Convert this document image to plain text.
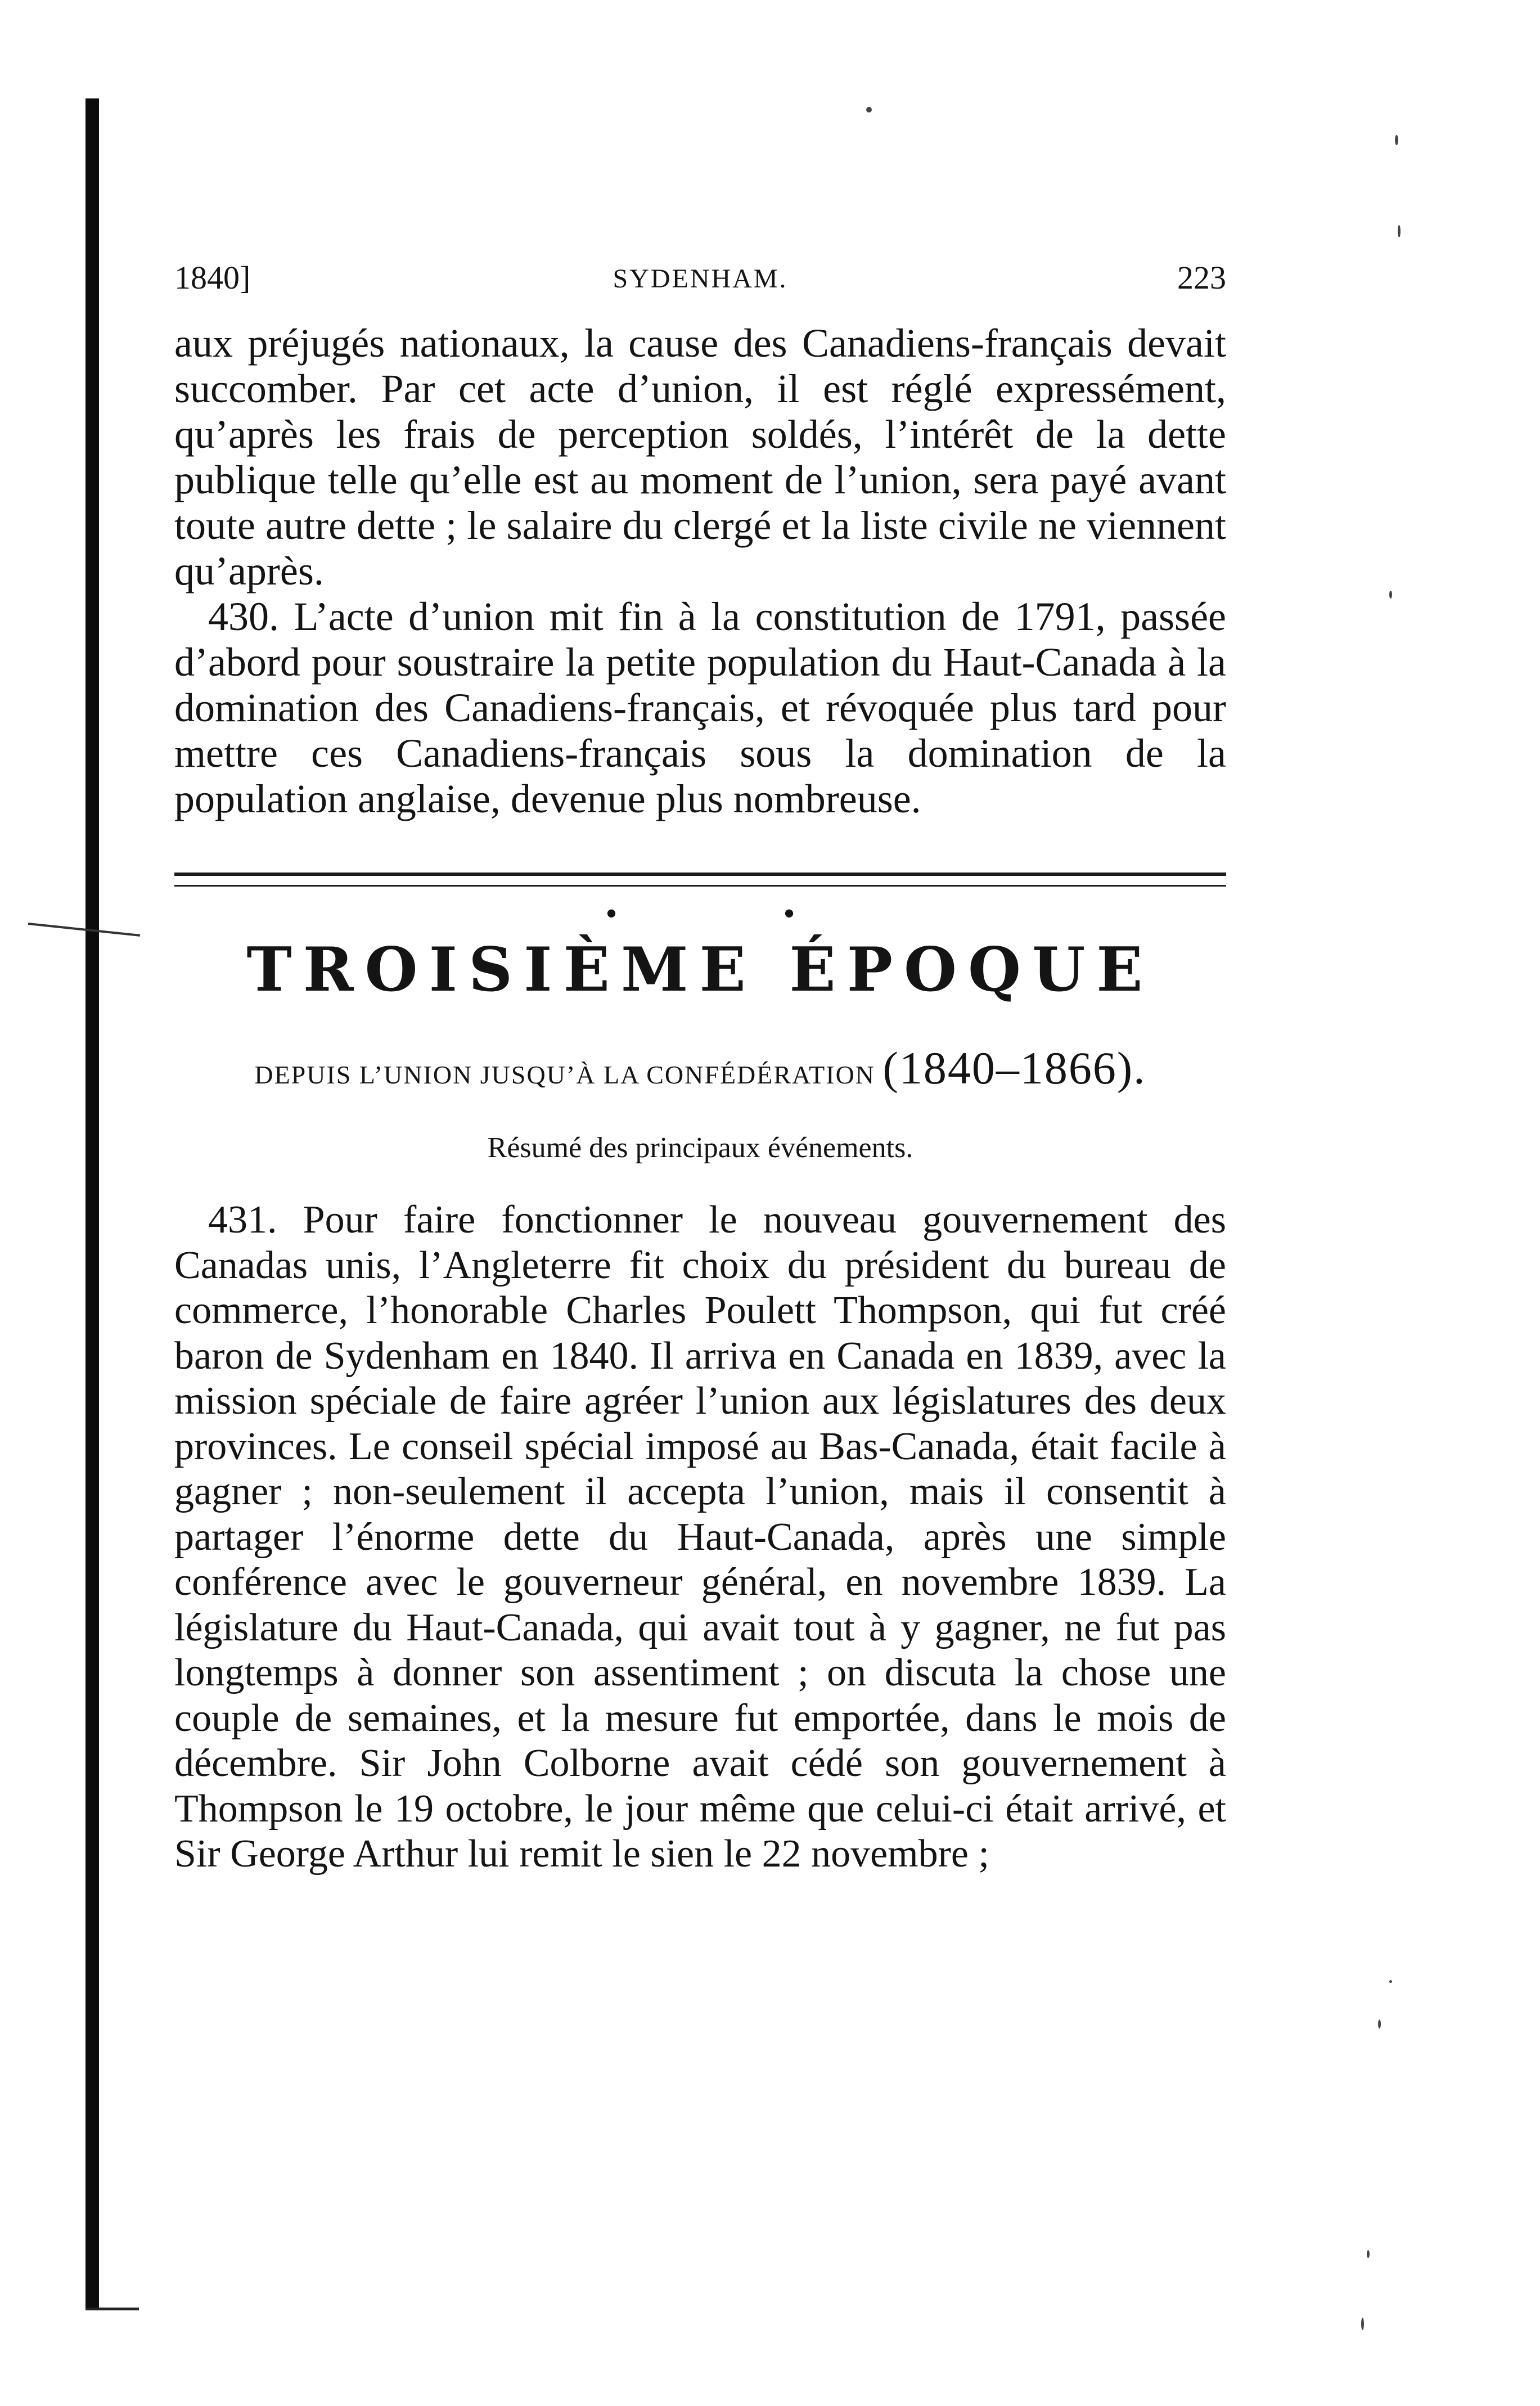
1840]	SYDENHAM.	223

aux préjugés nationaux, la cause des Canadiens-français devait succomber. Par cet acte d’union, il est réglé expressément, qu’après les frais de perception soldés, l’intérêt de la dette publique telle qu’elle est au moment de l’union, sera payé avant toute autre dette ; le salaire du clergé et la liste civile ne viennent qu’après.

430. L’acte d’union mit fin à la constitution de 1791, passée d’abord pour soustraire la petite population du Haut-Canada à la domination des Canadiens-français, et révoquée plus tard pour mettre ces Canadiens-français sous la domination de la population anglaise, devenue plus nombreuse.

• •
TROISIÈME ÉPOQUE
DEPUIS L’UNION JUSQU’À LA CONFÉDÉRATION (1840–1866).
Résumé des principaux événements.

431. Pour faire fonctionner le nouveau gouvernement des Canadas unis, l’Angleterre fit choix du président du bureau de commerce, l’honorable Charles Poulett Thompson, qui fut créé baron de Sydenham en 1840. Il arriva en Canada en 1839, avec la mission spéciale de faire agréer l’union aux législatures des deux provinces. Le conseil spécial imposé au Bas-Canada, était facile à gagner ; non-seulement il accepta l’union, mais il consentit à partager l’énorme dette du Haut-Canada, après une simple conférence avec le gouverneur général, en novembre 1839. La législature du Haut-Canada, qui avait tout à y gagner, ne fut pas longtemps à donner son assentiment ; on discuta la chose une couple de semaines, et la mesure fut emportée, dans le mois de décembre. Sir John Colborne avait cédé son gouvernement à Thompson le 19 octobre, le jour même que celui-ci était arrivé, et Sir George Arthur lui remit le sien le 22 novembre ;
